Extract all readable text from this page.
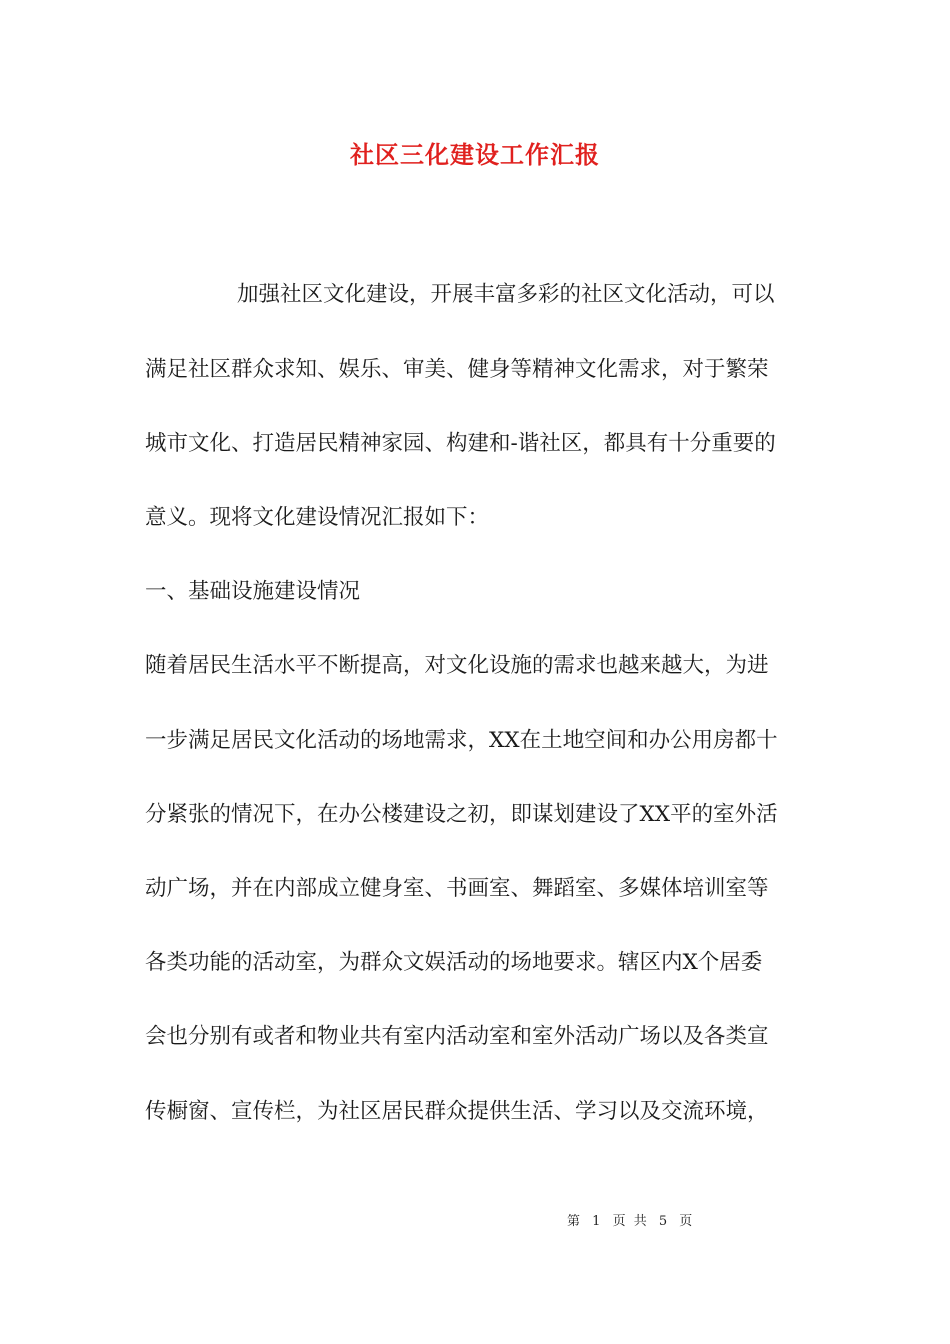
社区三化建设工作汇报

加强社区文化建设，开展丰富多彩的社区文化活动，可以

满足社区群众求知、娱乐、审美、健身等精神文化需求，对于繁荣

城市文化、打造居民精神家园、构建和-谐社区，都具有十分重要的

意义。现将文化建设情况汇报如下：

一、基础设施建设情况

随着居民生活水平不断提高，对文化设施的需求也越来越大，为进

一步满足居民文化活动的场地需求，XX在土地空间和办公用房都十

分紧张的情况下，在办公楼建设之初，即谋划建设了XX平的室外活

动广场，并在内部成立健身室、书画室、舞蹈室、多媒体培训室等

各类功能的活动室，为群众文娱活动的场地要求。辖区内X个居委

会也分别有或者和物业共有室内活动室和室外活动广场以及各类宣

传橱窗、宣传栏，为社区居民群众提供生活、学习以及交流环境，

第 1 页 共 5 页
